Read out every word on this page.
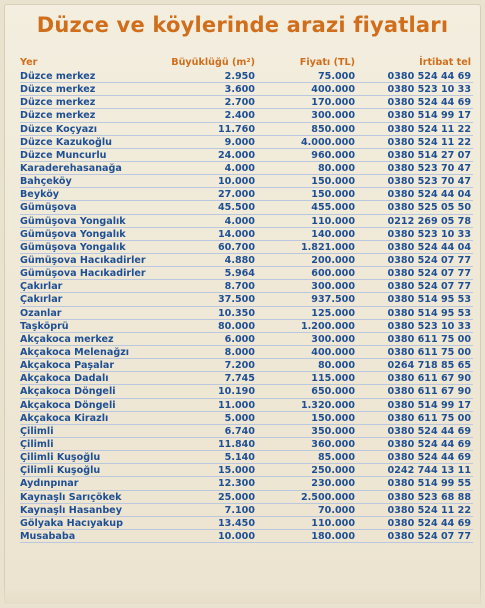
Düzce ve köylerinde arazi fiyatları
Yer	Büyüklüğü (m²)	Fiyatı (TL)	İrtibat tel
Düzce merkez	2.950	75.000	0380 524 44 69
Düzce merkez	3.600	400.000	0380 523 10 33
Düzce merkez	2.700	170.000	0380 524 44 69
Düzce merkez	2.400	300.000	0380 514 99 17
Düzce Koçyazı	11.760	850.000	0380 524 11 22
Düzce Kazukoğlu	9.000	4.000.000	0380 524 11 22
Düzce Muncurlu	24.000	960.000	0380 514 27 07
Karaderehasanağa	4.000	80.000	0380 523 70 47
Bahçeköy	10.000	150.000	0380 523 70 47
Beyköy	27.000	150.000	0380 524 44 04
Gümüşova	45.500	455.000	0380 525 05 50
Gümüşova Yongalık	4.000	110.000	0212 269 05 78
Gümüşova Yongalık	14.000	140.000	0380 523 10 33
Gümüşova Yongalık	60.700	1.821.000	0380 524 44 04
Gümüşova Hacıkadirler	4.880	200.000	0380 524 07 77
Gümüşova Hacıkadirler	5.964	600.000	0380 524 07 77
Çakırlar	8.700	300.000	0380 524 07 77
Çakırlar	37.500	937.500	0380 514 95 53
Ozanlar	10.350	125.000	0380 514 95 53
Taşköprü	80.000	1.200.000	0380 523 10 33
Akçakoca merkez	6.000	300.000	0380 611 75 00
Akçakoca Melenağzı	8.000	400.000	0380 611 75 00
Akçakoca Paşalar	7.200	80.000	0264 718 85 65
Akçakoca Dadalı	7.745	115.000	0380 611 67 90
Akçakoca Döngeli	10.190	650.000	0380 611 67 90
Akçakoca Döngeli	11.000	1.320.000	0380 514 99 17
Akçakoca Kirazlı	5.000	150.000	0380 611 75 00
Çilimli	6.740	350.000	0380 524 44 69
Çilimli	11.840	360.000	0380 524 44 69
Çilimli Kuşoğlu	5.140	85.000	0380 524 44 69
Çilimli Kuşoğlu	15.000	250.000	0242 744 13 11
Aydınpınar	12.300	230.000	0380 514 99 55
Kaynaşlı Sarıçökek	25.000	2.500.000	0380 523 68 88
Kaynaşlı Hasanbey	7.100	70.000	0380 524 11 22
Gölyaka Hacıyakup	13.450	110.000	0380 524 44 69
Musababa	10.000	180.000	0380 524 07 77
